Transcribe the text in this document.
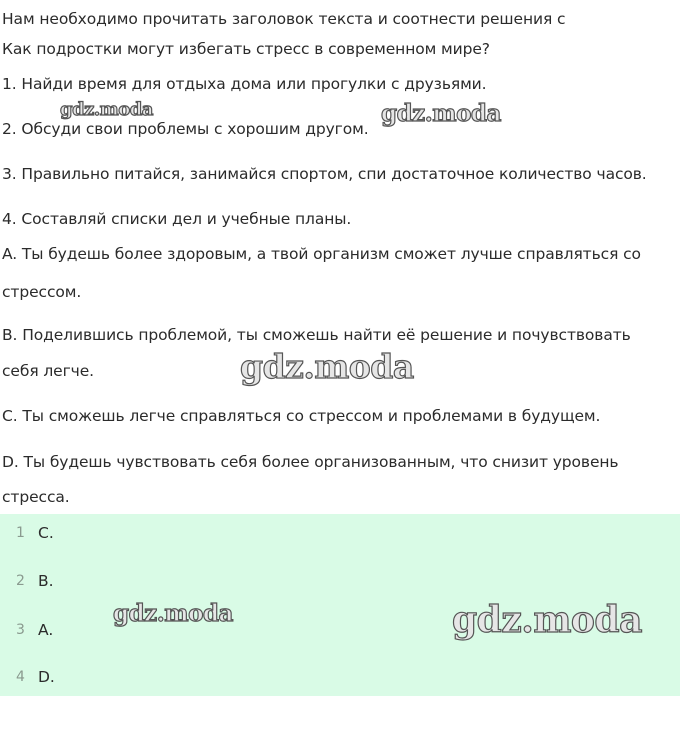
Нам необходимо прочитать заголовок текста и соотнести решения с
Как подростки могут избегать стресс в современном мире?
1. Найди время для отдыха дома или прогулки с друзьями.
2. Обсуди свои проблемы с хорошим другом.
3. Правильно питайся, занимайся спортом, спи достаточное количество часов.
4. Составляй списки дел и учебные планы.
A. Ты будешь более здоровым, а твой организм сможет лучше справляться со
стрессом.
B. Поделившись проблемой, ты сможешь найти её решение и почувствовать
себя легче.
C. Ты сможешь легче справляться со стрессом и проблемами в будущем.
D. Ты будешь чувствовать себя более организованным, что снизит уровень
стресса.
1 C.
2 B.
3 A.
4 D.
gdz.moda	gdz.moda
gdz.moda
gdz.moda	gdz.moda
